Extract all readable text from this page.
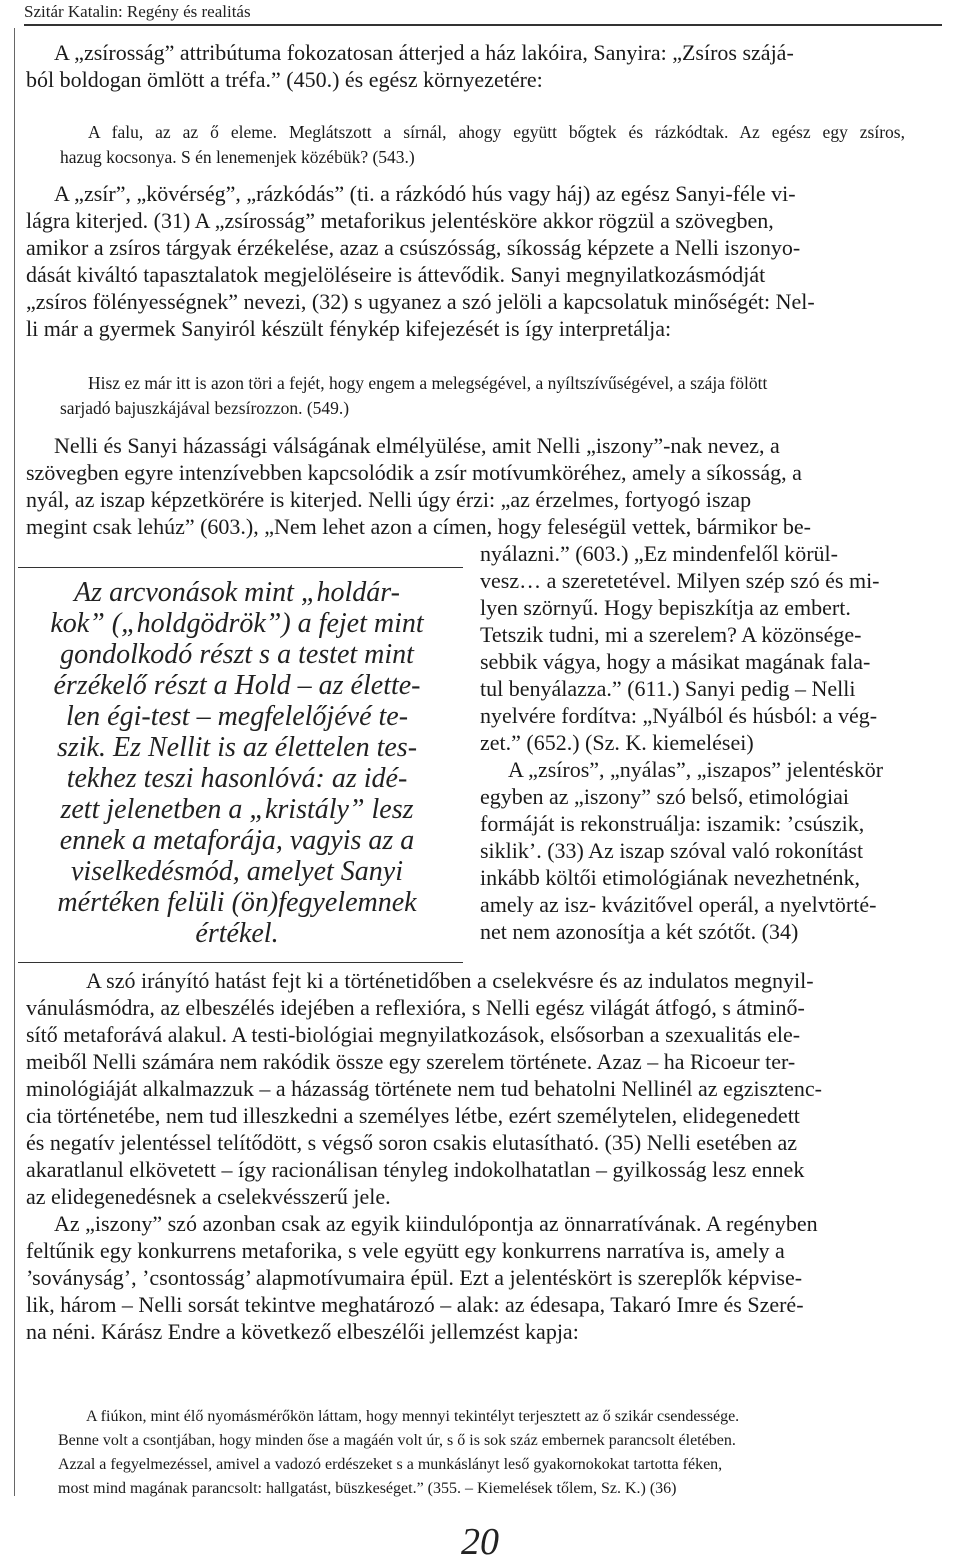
Szitár Katalin: Regény és realitás
A „zsírosság” attribútuma fokozatosan átterjed a ház lakóira, Sanyira: „Zsíros szájá-
ból boldogan ömlött a tréfa.” (450.) és egész környezetére:
A falu, az az ő eleme. Meglátszott a sírnál, ahogy együtt bőgtek és rázkódtak. Az egész egy zsíros,
hazug kocsonya. S én lenemenjek közébük? (543.)
A „zsír”, „kövérség”, „rázkódás” (ti. a rázkódó hús vagy háj) az egész Sanyi-féle vi-
lágra kiterjed. (31) A „zsírosság” metaforikus jelentésköre akkor rögzül a szövegben,
amikor a zsíros tárgyak érzékelése, azaz a csúszósság, síkosság képzete a Nelli iszonyo-
dását kiváltó tapasztalatok megjelöléseire is áttevődik. Sanyi megnyilatkozásmódját
„zsíros fölényességnek” nevezi, (32) s ugyanez a szó jelöli a kapcsolatuk minőségét: Nel-
li már a gyermek Sanyiról készült fénykép kifejezését is így interpretálja:
Hisz ez már itt is azon töri a fejét, hogy engem a melegségével, a nyíltszívűségével, a szája fölött
sarjadó bajuszkájával bezsírozzon. (549.)
Nelli és Sanyi házassági válságának elmélyülése, amit Nelli „iszony”-nak nevez, a
szövegben egyre intenzívebben kapcsolódik a zsír motívumköréhez, amely a síkosság, a
nyál, az iszap képzetkörére is kiterjed. Nelli úgy érzi: „az érzelmes, fortyogó iszap
megint csak lehúz” (603.), „Nem lehet azon a címen, hogy feleségül vettek, bármikor be-
Az arcvonások mint „holdár-
kok” („holdgödrök”) a fejet mint
gondolkodó részt s a testet mint
érzékelő részt a Hold – az élette-
len égi-test – megfelelőjévé te-
szik. Ez Nellit is az élettelen tes-
tekhez teszi hasonlóvá: az idé-
zett jelenetben a „kristály” lesz
ennek a metaforája, vagyis az a
viselkedésmód, amelyet Sanyi
mértéken felüli (ön)fegyelemnek
értékel.
nyálazni.” (603.) „Ez mindenfelől körül-
vesz… a szeretetével. Milyen szép szó és mi-
lyen szörnyű. Hogy bepiszkítja az embert.
Tetszik tudni, mi a szerelem? A közönsége-
sebbik vágya, hogy a másikat magának fala-
tul benyálazza.” (611.) Sanyi pedig – Nelli
nyelvére fordítva: „Nyálból és húsból: a vég-
zet.” (652.) (Sz. K. kiemelései)
A „zsíros”, „nyálas”, „iszapos” jelentéskör
egyben az „iszony” szó belső, etimológiai
formáját is rekonstruálja: iszamik: ’csúszik,
siklik’. (33) Az iszap szóval való rokonítást
inkább költői etimológiának nevezhetnénk,
amely az isz- kvázitővel operál, a nyelvtörté-
net nem azonosítja a két szótőt. (34)
A szó irányító hatást fejt ki a történetidőben a cselekvésre és az indulatos megnyil-
vánulásmódra, az elbeszélés idejében a reflexióra, s Nelli egész világát átfogó, s átminő-
sítő metaforává alakul. A testi-biológiai megnyilatkozások, elsősorban a szexualitás ele-
meiből Nelli számára nem rakódik össze egy szerelem története. Azaz – ha Ricoeur ter-
minológiáját alkalmazzuk – a házasság története nem tud behatolni Nellinél az egzisztenc-
cia történetébe, nem tud illeszkedni a személyes létbe, ezért személytelen, elidegenedett
és negatív jelentéssel telítődött, s végső soron csakis elutasítható. (35) Nelli esetében az
akaratlanul elkövetett – így racionálisan tényleg indokolhatatlan – gyilkosság lesz ennek
az elidegenedésnek a cselekvésszerű jele.
Az „iszony” szó azonban csak az egyik kiindulópontja az önnarratívának. A regényben
feltűnik egy konkurrens metaforika, s vele együtt egy konkurrens narratíva is, amely a
’soványság’, ’csontosság’ alapmotívumaira épül. Ezt a jelentéskört is szereplők képvise-
lik, három – Nelli sorsát tekintve meghatározó – alak: az édesapa, Takaró Imre és Szeré-
na néni. Kárász Endre a következő elbeszélői jellemzést kapja:
A fiúkon, mint élő nyomásmérőkön láttam, hogy mennyi tekintélyt terjesztett az ő szikár csendessége.
Benne volt a csontjában, hogy minden őse a magáén volt úr, s ő is sok száz embernek parancsolt életében.
Azzal a fegyelmezéssel, amivel a vadozó erdészeket s a munkáslányt leső gyakornokokat tartotta féken,
most mind magának parancsolt: hallgatást, büszkeséget.” (355. – Kiemelések tőlem, Sz. K.) (36)
20
